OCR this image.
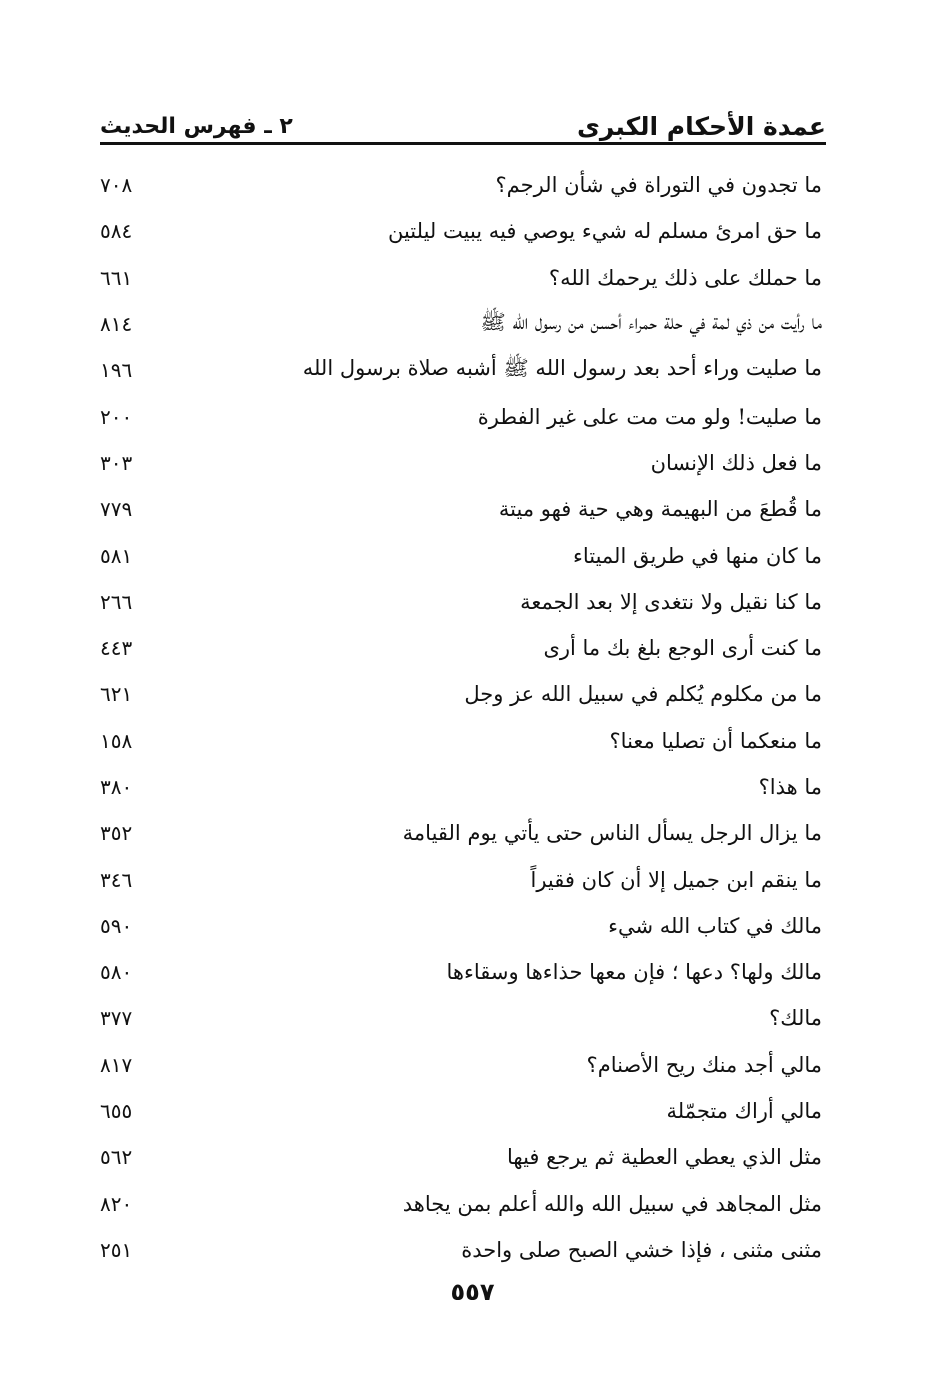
عمدة الأحكام الكبرى
٢ ـ فهرس الحديث
ما تجدون في التوراة في شأن الرجم؟
٧٠٨
ما حق امرئ مسلم له شيء يوصي فيه يبيت ليلتين
٥٨٤
ما حملك على ذلك يرحمك الله؟
٦٦١
ما رأيت من ذي لمة في حلة حمراء أحسن من رسول الله ﷺ
٨١٤
ما صليت وراء أحد بعد رسول الله ﷺ أشبه صلاة برسول الله
١٩٦
ما صليت! ولو مت مت على غير الفطرة
٢٠٠
ما فعل ذلك الإنسان
٣٠٣
ما قُطعَ من البهيمة وهي حية فهو ميتة
٧٧٩
ما كان منها في طريق الميتاء
٥٨١
ما كنا نقيل ولا نتغدى إلا بعد الجمعة
٢٦٦
ما كنت أرى الوجع بلغ بك ما أرى
٤٤٣
ما من مكلوم يُكلم في سبيل الله عز وجل
٦٢١
ما منعكما أن تصليا معنا؟
١٥٨
ما هذا؟
٣٨٠
ما يزال الرجل يسأل الناس حتى يأتي يوم القيامة
٣٥٢
ما ينقم ابن جميل إلا أن كان فقيراً
٣٤٦
مالك في كتاب الله شيء
٥٩٠
مالك ولها؟ دعها ؛ فإن معها حذاءها وسقاءها
٥٨٠
مالك؟
٣٧٧
مالي أجد منك ريح الأصنام؟
٨١٧
مالي أراك متجمّلة
٦٥٥
مثل الذي يعطي العطية ثم يرجع فيها
٥٦٢
مثل المجاهد في سبيل الله والله أعلم بمن يجاهد
٨٢٠
مثنى مثنى ، فإذا خشي الصبح صلى واحدة
٢٥١
٥٥٧
